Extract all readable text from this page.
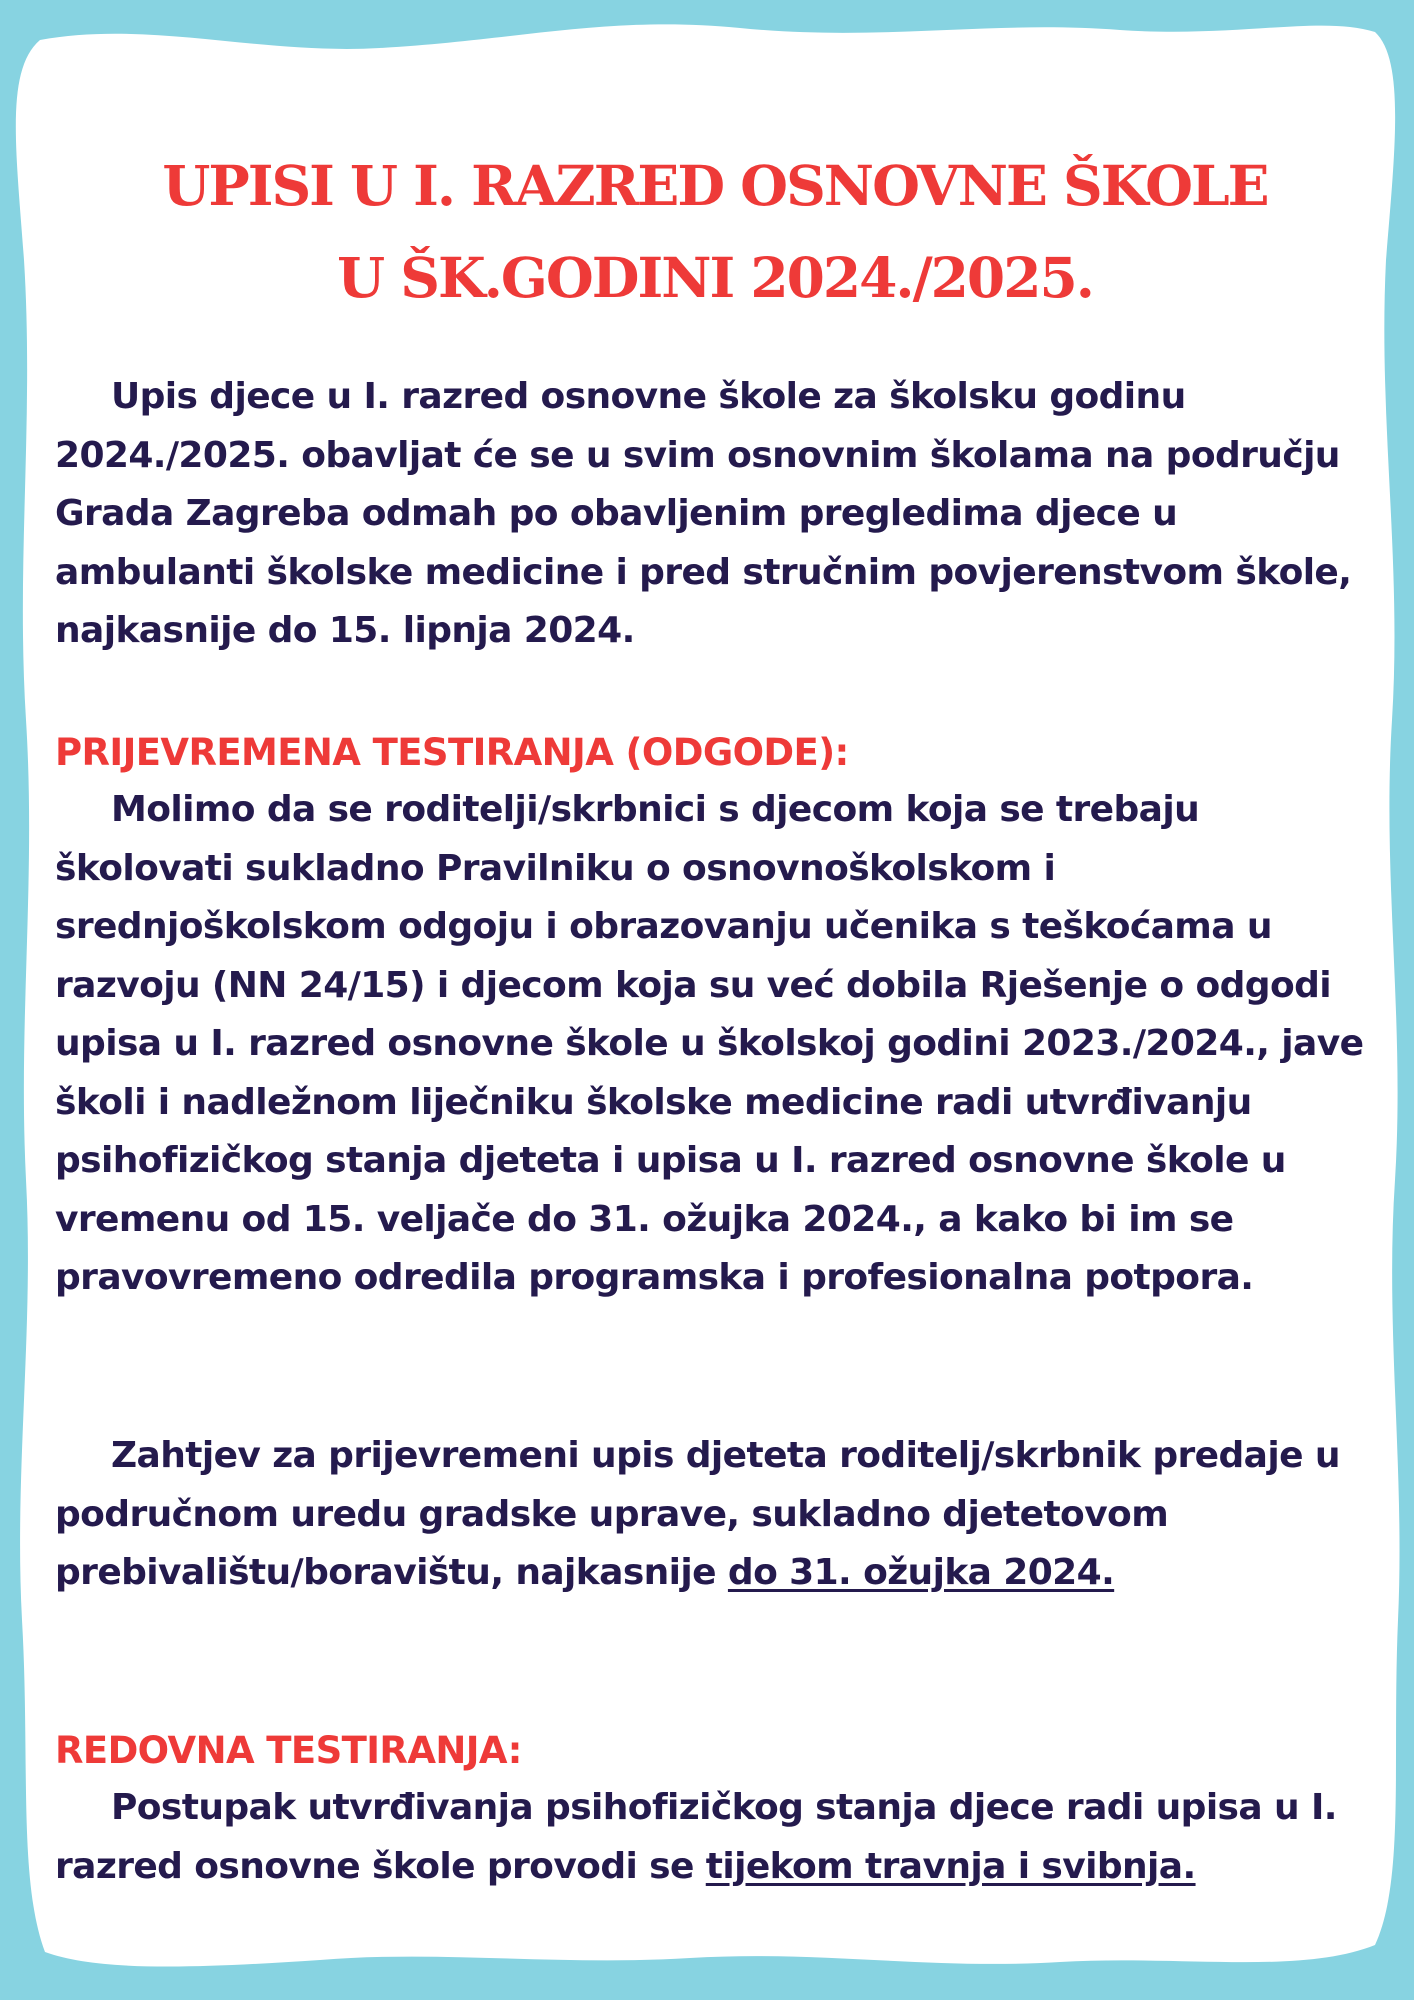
UPISI U I. RAZRED OSNOVNE ŠKOLE
U ŠK.GODINI 2024./2025.

Upis djece u I. razred osnovne škole za školsku godinu 2024./2025. obavljat će se u svim osnovnim školama na području Grada Zagreba odmah po obavljenim pregledima djece u ambulanti školske medicine i pred stručnim povjerenstvom škole, najkasnije do 15. lipnja 2024.

PRIJEVREMENA TESTIRANJA (ODGODE):

Molimo da se roditelji/skrbnici s djecom koja se trebaju školovati sukladno Pravilniku o osnovnoškolskom i srednjoškolskom odgoju i obrazovanju učenika s teškoćama u razvoju (NN 24/15) i djecom koja su već dobila Rješenje o odgodi upisa u I. razred osnovne škole u školskoj godini 2023./2024., jave školi i nadležnom liječniku školske medicine radi utvrđivanju psihofizičkog stanja djeteta i upisa u I. razred osnovne škole u vremenu od 15. veljače do 31. ožujka 2024., a kako bi im se pravovremeno odredila programska i profesionalna potpora.

Zahtjev za prijevremeni upis djeteta roditelj/skrbnik predaje u područnom uredu gradske uprave, sukladno djetetovom prebivalištu/boravištu, najkasnije do 31. ožujka 2024.

REDOVNA TESTIRANJA:

Postupak utvrđivanja psihofizičkog stanja djece radi upisa u I. razred osnovne škole provodi se tijekom travnja i svibnja.
